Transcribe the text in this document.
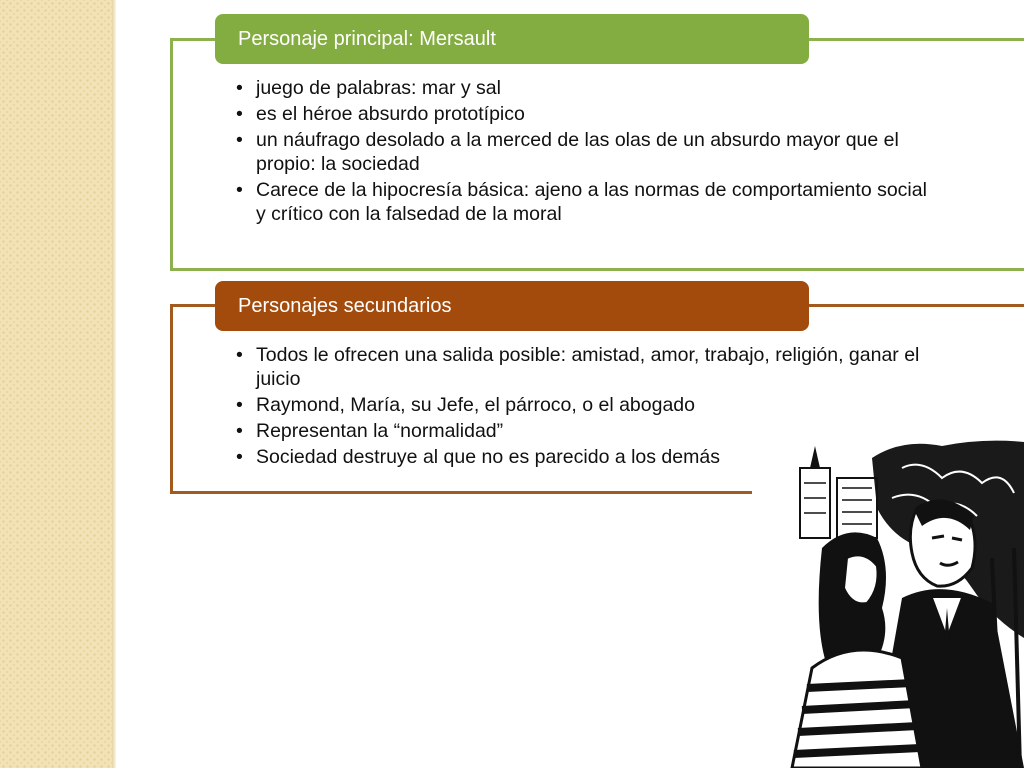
Personaje principal: Mersault
• juego de palabras: mar y sal
• es el héroe absurdo prototípico
• un náufrago desolado a la merced de las olas de un absurdo mayor que el propio: la sociedad
• Carece de la hipocresía básica: ajeno a las normas de comportamiento social y crítico con la falsedad de la moral
Personajes secundarios
• Todos le ofrecen una salida posible: amistad, amor, trabajo, religión, ganar el juicio
• Raymond, María, su Jefe, el párroco, o el abogado
• Representan la “normalidad”
• Sociedad destruye al que no es parecido a los demás
